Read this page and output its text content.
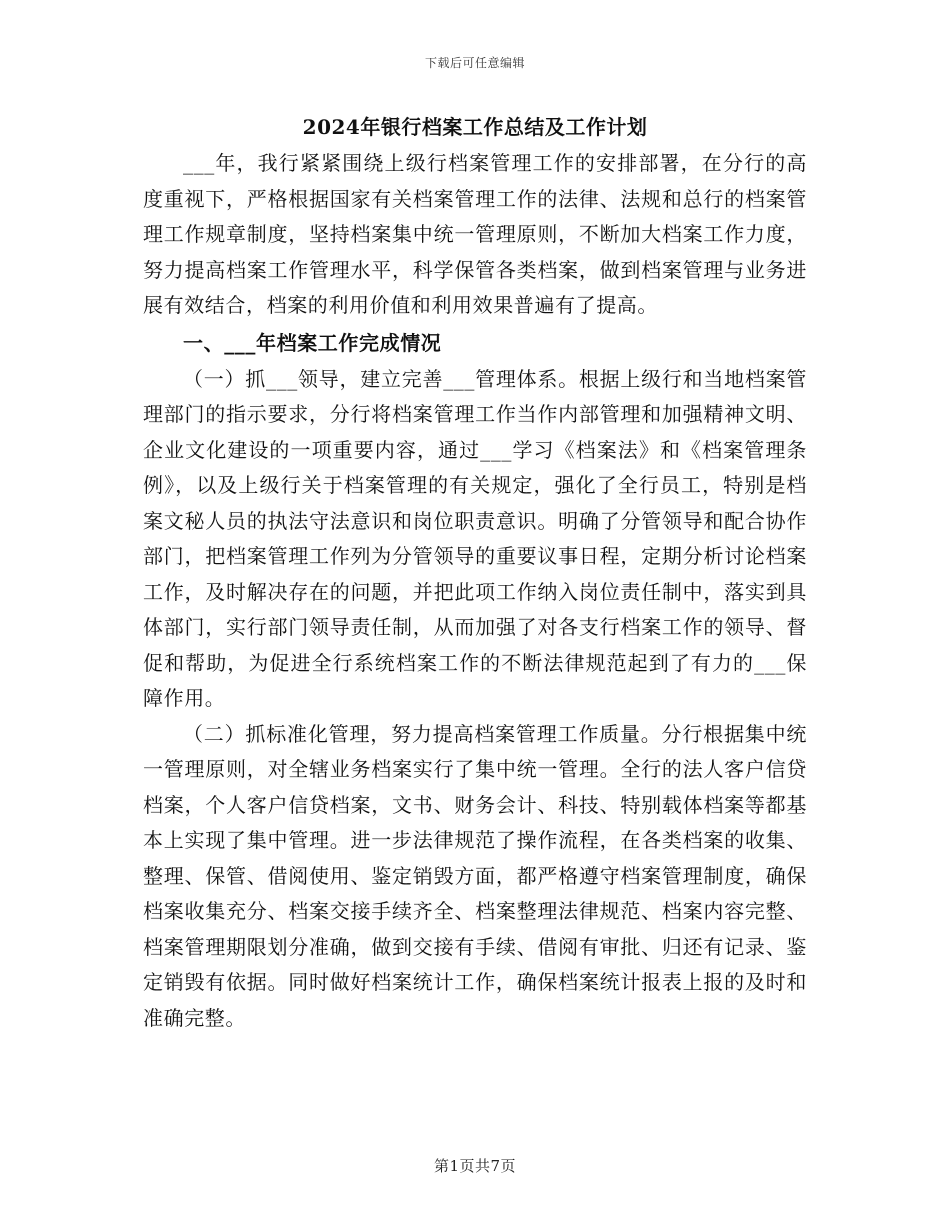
下载后可任意编辑
2024年银行档案工作总结及工作计划

___年，我行紧紧围绕上级行档案管理工作的安排部署，在分行的高度重视下，严格根据国家有关档案管理工作的法律、法规和总行的档案管理工作规章制度，坚持档案集中统一管理原则，不断加大档案工作力度，努力提高档案工作管理水平，科学保管各类档案，做到档案管理与业务进展有效结合，档案的利用价值和利用效果普遍有了提高。

一、___年档案工作完成情况

（一）抓___领导，建立完善___管理体系。根据上级行和当地档案管理部门的指示要求，分行将档案管理工作当作内部管理和加强精神文明、企业文化建设的一项重要内容，通过___学习《档案法》和《档案管理条例》，以及上级行关于档案管理的有关规定，强化了全行员工，特别是档案文秘人员的执法守法意识和岗位职责意识。明确了分管领导和配合协作部门，把档案管理工作列为分管领导的重要议事日程，定期分析讨论档案工作，及时解决存在的问题，并把此项工作纳入岗位责任制中，落实到具体部门，实行部门领导责任制，从而加强了对各支行档案工作的领导、督促和帮助，为促进全行系统档案工作的不断法律规范起到了有力的___保障作用。

（二）抓标准化管理，努力提高档案管理工作质量。分行根据集中统一管理原则，对全辖业务档案实行了集中统一管理。全行的法人客户信贷档案，个人客户信贷档案，文书、财务会计、科技、特别载体档案等都基本上实现了集中管理。进一步法律规范了操作流程，在各类档案的收集、整理、保管、借阅使用、鉴定销毁方面，都严格遵守档案管理制度，确保档案收集充分、档案交接手续齐全、档案整理法律规范、档案内容完整、档案管理期限划分准确，做到交接有手续、借阅有审批、归还有记录、鉴定销毁有依据。同时做好档案统计工作，确保档案统计报表上报的及时和准确完整。

第1页共7页
